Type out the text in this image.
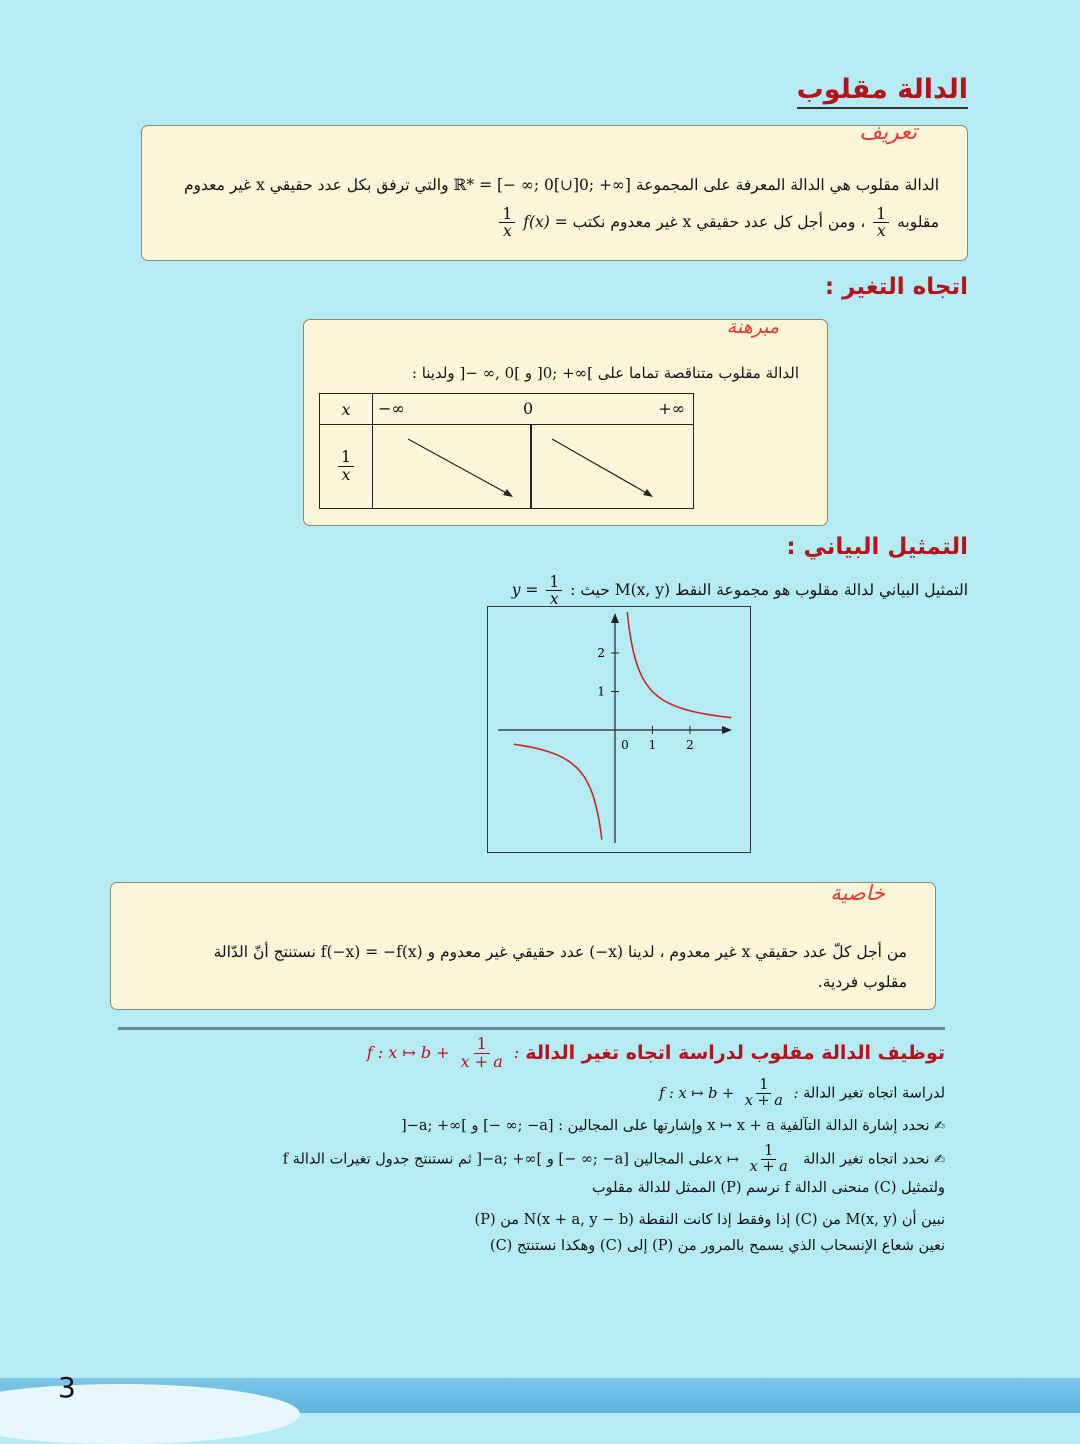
الدالة مقلوب
تعريف
الدالة مقلوب هي الدالة المعرفة على المجموعة [∞+ ;0[∪]0 ;∞ −] = *ℝ والتي ترفق بكل عدد حقيقي x غير معدوم
مقلوبه
$\frac{1}{x}$
، ومن أجل كل عدد حقيقي x غير معدوم نكتب f(x) =
$\frac{1}{x}$
اتجاه التغير :
مبرهنة
الدالة مقلوب متناقصة تماما على ]∞+ ;0[ و ]0 ,∞ −[ ولدينا :
x	−∞ 0 +∞	

$\frac{1}{x}$

التمثيل البياني :
التمثيل البياني لدالة مقلوب هو مجموعة النقط M(x, y) حيث : $y = \frac{1}{x}$
0 1 2
1
2
خاصية
من أجل كلّ عدد حقيقي x غير معدوم ، لدينا (x−) عدد حقيقي غير معدوم و f(−x) = −f(x) نستنتج أنّ الدّالة
مقلوب فردية.
توظيف الدالة مقلوب لدراسة اتجاه تغير الدالة
f : x ↦ $b + \frac{1}{x + a}$ :
لدراسة اتجاه تغير الدالة f : x ↦ $b + \frac{1}{x + a}$ :
✍ نحدد إشارة الدالة التآلفية x ↦ x + a وإشارتها على المجالين : [a− ;∞ −] و ]∞+ ;a−[
✍ نحدد اتجاه تغير الدالة x ↦ $\frac{1}{x + a}$
على المجالين [a− ;∞ −] و ]∞+ ;a−[ ثم نستنتج جدول تغيرات الدالة f
ولتمثيل (C) منحنى الدالة f نرسم (P) الممثل للدالة مقلوب
نبين أن M(x, y) من (C) إذا وفقط إذا كانت النقطة N(x + a, y − b) من (P)
نعين شعاع الإنسحاب الذي يسمح بالمرور من (P) إلى (C) وهكذا نستنتج (C)
3
